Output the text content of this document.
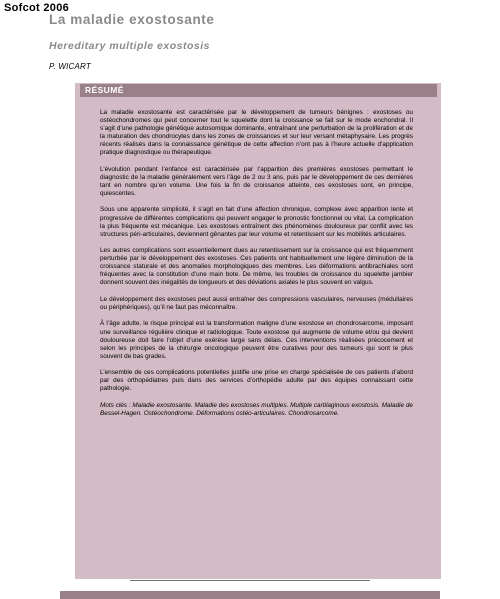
Sofcot 2006
La maladie exostosante
Hereditary multiple exostosis
P. WICART
RÉSUMÉ

La maladie exostosante est caractérisée par le développement de tumeurs bénignes : exostoses ou ostéochondromes qui peut concerner tout le squelette dont la croissance se fait sur le mode enchondral. Il s’agit d’une pathologie génétique autosomique dominante, entraînant une perturbation de la prolifération et de la maturation des chondrocytes dans les zones de croissances et sur leur versant métaphysaire. Les progrès récents réalisés dans la connaissance génétique de cette affection n’ont pas à l’heure actuelle d’application pratique diagnostique ou thérapeutique.

L’évolution pendant l’enfance est caractérisée par l’apparition des premières exostoses permettant le diagnostic de la maladie généralement vers l’âge de 2 ou 3 ans, puis par le développement de ces dernières tant en nombre qu’en volume. Une fois la fin de croissance atteinte, ces exostoses sont, en principe, quiescentes.

Sous une apparente simplicité, il s’agit en fait d’une affection chronique, complexe avec apparition lente et progressive de différentes complications qui peuvent engager le pronostic fonctionnel ou vital. La complication la plus fréquente est mécanique. Les exostoses entraînent des phénomènes douloureux par conflit avec les structures péri-articulaires, deviennent gênantes par leur volume et retentissent sur les mobilités articulaires.

Les autres complications sont essentiellement dues au retentissement sur la croissance qui est fréquemment perturbée par le développement des exostoses. Ces patients ont habituellement une légère diminution de la croissance staturale et des anomalies morphologiques des membres. Les déformations antibrachiales sont fréquentes avec la constitution d’une main bote. De même, les troubles de croissance du squelette jambier donnent souvent des inégalités de longueurs et des déviations axiales le plus souvent en valgus.

Le développement des exostoses peut aussi entraîner des compressions vasculaires, nerveuses (médullaires ou périphériques), qu’il ne faut pas méconnaître.

À l’âge adulte, le risque principal est la transformation maligne d’une exostose en chondrosarcome, imposant une surveillance régulière clinique et radiologique. Toute exostose qui augmente de volume et/ou qui devient douloureuse doit faire l’objet d’une exérèse large sans délais. Ces interventions réalisées précocement et selon les principes de la chirurgie oncologique peuvent être curatives pour des tumeurs qui sont le plus souvent de bas grades.

L’ensemble de ces complications potentielles justifie une prise en charge spécialisée de ces patients d’abord par des orthopédiatres puis dans des services d’orthopédie adulte par des équipes connaissant cette pathologie.

Mots clés : Maladie exostosante. Maladie des exostoses multiples. Multiple cartilaginous exostosis. Maladie de Bessel-Hagen. Ostéochondrome. Déformations ostéo-articulaires. Chondrosarcome.
